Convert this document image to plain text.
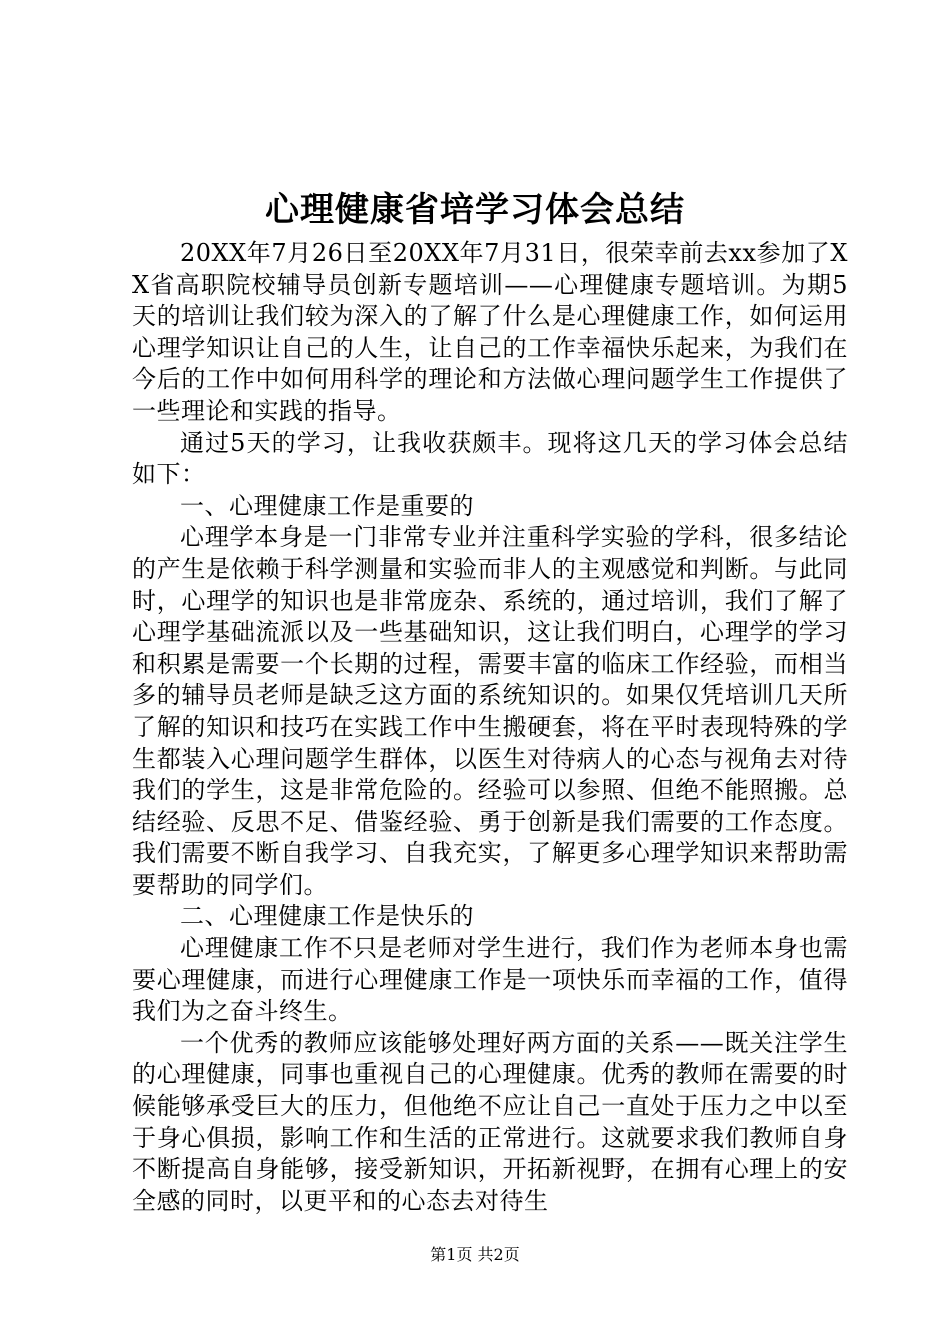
心理健康省培学习体会总结

20XX年7月26日至20XX年7月31日，很荣幸前去xx参加了XX省高职院校辅导员创新专题培训——心理健康专题培训。为期5天的培训让我们较为深入的了解了什么是心理健康工作，如何运用心理学知识让自己的人生，让自己的工作幸福快乐起来，为我们在今后的工作中如何用科学的理论和方法做心理问题学生工作提供了一些理论和实践的指导。

通过5天的学习，让我收获颇丰。现将这几天的学习体会总结如下：

一、心理健康工作是重要的

心理学本身是一门非常专业并注重科学实验的学科，很多结论的产生是依赖于科学测量和实验而非人的主观感觉和判断。与此同时，心理学的知识也是非常庞杂、系统的，通过培训，我们了解了心理学基础流派以及一些基础知识，这让我们明白，心理学的学习和积累是需要一个长期的过程，需要丰富的临床工作经验，而相当多的辅导员老师是缺乏这方面的系统知识的。如果仅凭培训几天所了解的知识和技巧在实践工作中生搬硬套，将在平时表现特殊的学生都装入心理问题学生群体，以医生对待病人的心态与视角去对待我们的学生，这是非常危险的。经验可以参照、但绝不能照搬。总结经验、反思不足、借鉴经验、勇于创新是我们需要的工作态度。我们需要不断自我学习、自我充实，了解更多心理学知识来帮助需要帮助的同学们。

二、心理健康工作是快乐的

心理健康工作不只是老师对学生进行，我们作为老师本身也需要心理健康，而进行心理健康工作是一项快乐而幸福的工作，值得我们为之奋斗终生。

一个优秀的教师应该能够处理好两方面的关系——既关注学生的心理健康，同事也重视自己的心理健康。优秀的教师在需要的时候能够承受巨大的压力，但他绝不应让自己一直处于压力之中以至于身心俱损，影响工作和生活的正常进行。这就要求我们教师自身不断提高自身能够，接受新知识，开拓新视野，在拥有心理上的安全感的同时，以更平和的心态去对待生

第1页 共2页
